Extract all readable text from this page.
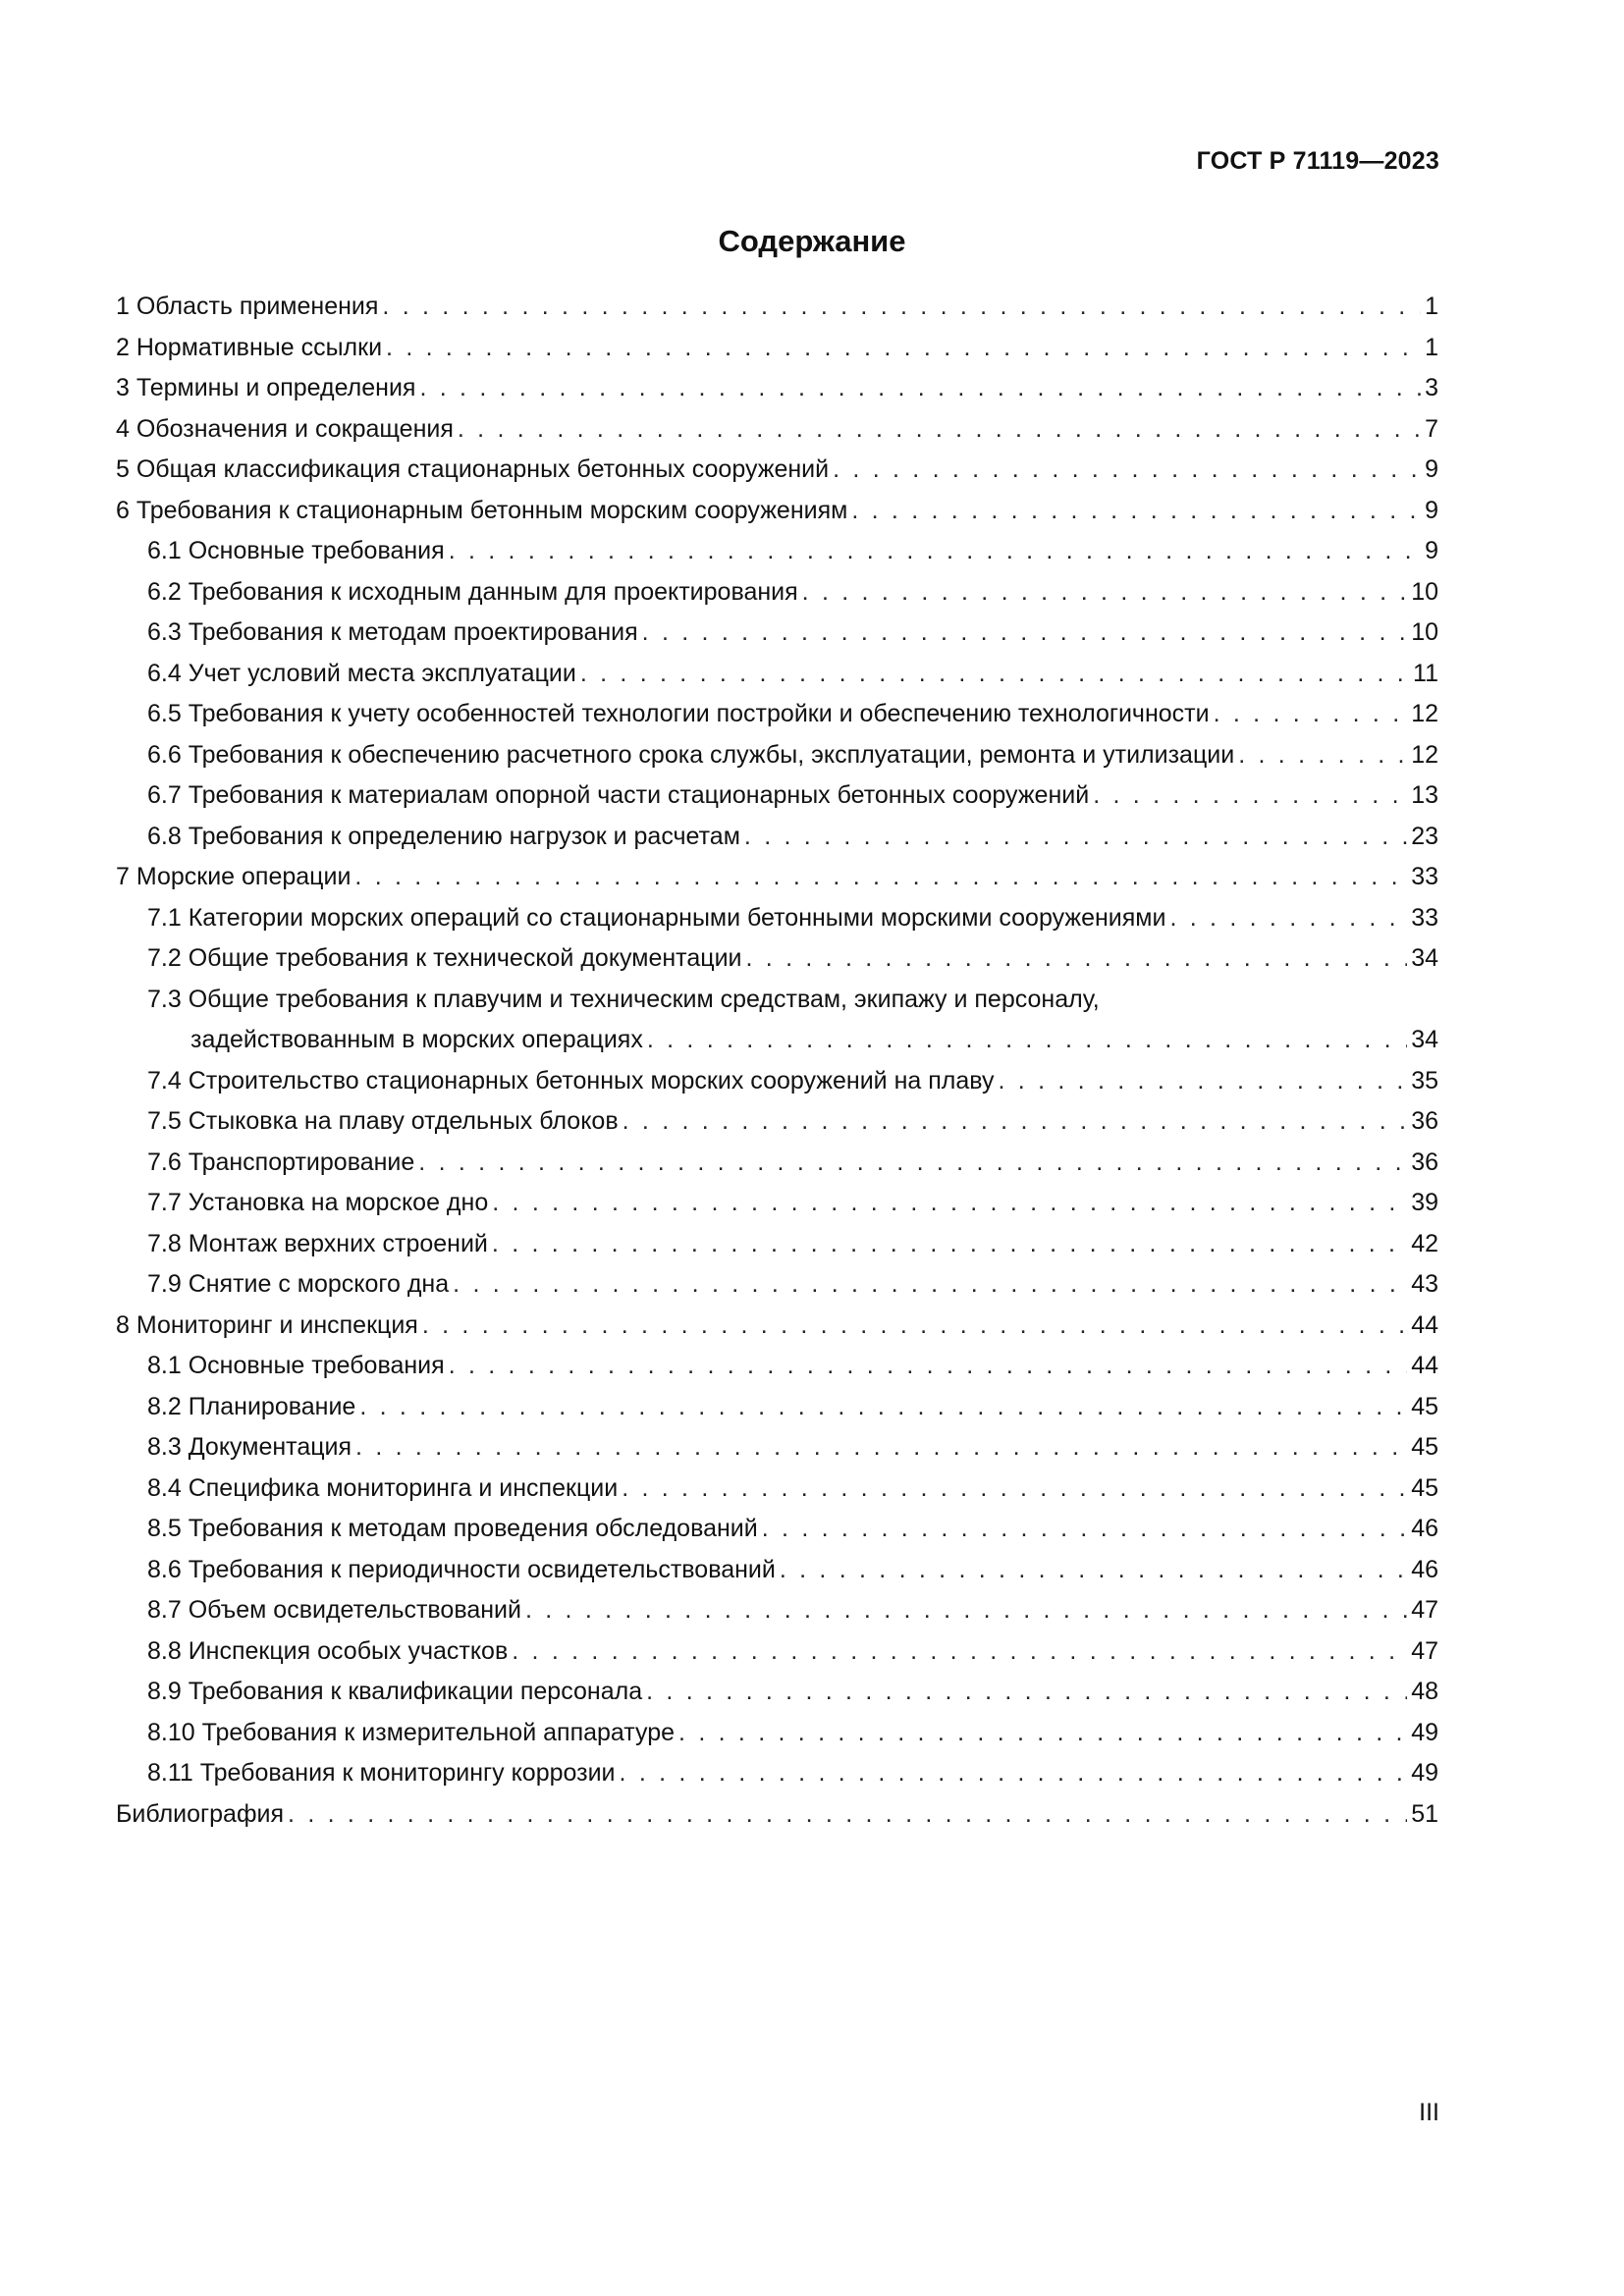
ГОСТ Р 71119—2023
Содержание
1 Область применения . . .	1
2 Нормативные ссылки . . .	1
3 Термины и определения . . .	3
4 Обозначения и сокращения . . .	7
5 Общая классификация стационарных бетонных сооружений . . .	9
6 Требования к стационарным бетонным морским сооружениям . . .	9
6.1 Основные требования . . .	9
6.2 Требования к исходным данным для проектирования . . .	10
6.3 Требования к методам проектирования . . .	10
6.4 Учет условий места эксплуатации . . .	11
6.5 Требования к учету особенностей технологии постройки и обеспечению технологичности . . .	12
6.6 Требования к обеспечению расчетного срока службы, эксплуатации, ремонта и утилизации . . .	12
6.7 Требования к материалам опорной части стационарных бетонных сооружений . . .	13
6.8 Требования к определению нагрузок и расчетам . . .	23
7 Морские операции . . .	33
7.1 Категории морских операций со стационарными бетонными морскими сооружениями . . .	33
7.2 Общие требования к технической документации . . .	34
7.3 Общие требования к плавучим и техническим средствам, экипажу и персоналу,
задействованным в морских операциях . . .	34
7.4 Строительство стационарных бетонных морских сооружений на плаву . . .	35
7.5 Стыковка на плаву отдельных блоков . . .	36
7.6 Транспортирование . . .	36
7.7 Установка на морское дно . . .	39
7.8 Монтаж верхних строений . . .	42
7.9 Снятие с морского дна . . .	43
8 Мониторинг и инспекция . . .	44
8.1 Основные требования . . .	44
8.2 Планирование . . .	45
8.3 Документация . . .	45
8.4 Специфика мониторинга и инспекции . . .	45
8.5 Требования к методам проведения обследований . . .	46
8.6 Требования к периодичности освидетельствований . . .	46
8.7 Объем освидетельствований . . .	47
8.8 Инспекция особых участков . . .	47
8.9 Требования к квалификации персонала . . .	48
8.10 Требования к измерительной аппаратуре . . .	49
8.11 Требования к мониторингу коррозии . . .	49
Библиография . . .	51
III
